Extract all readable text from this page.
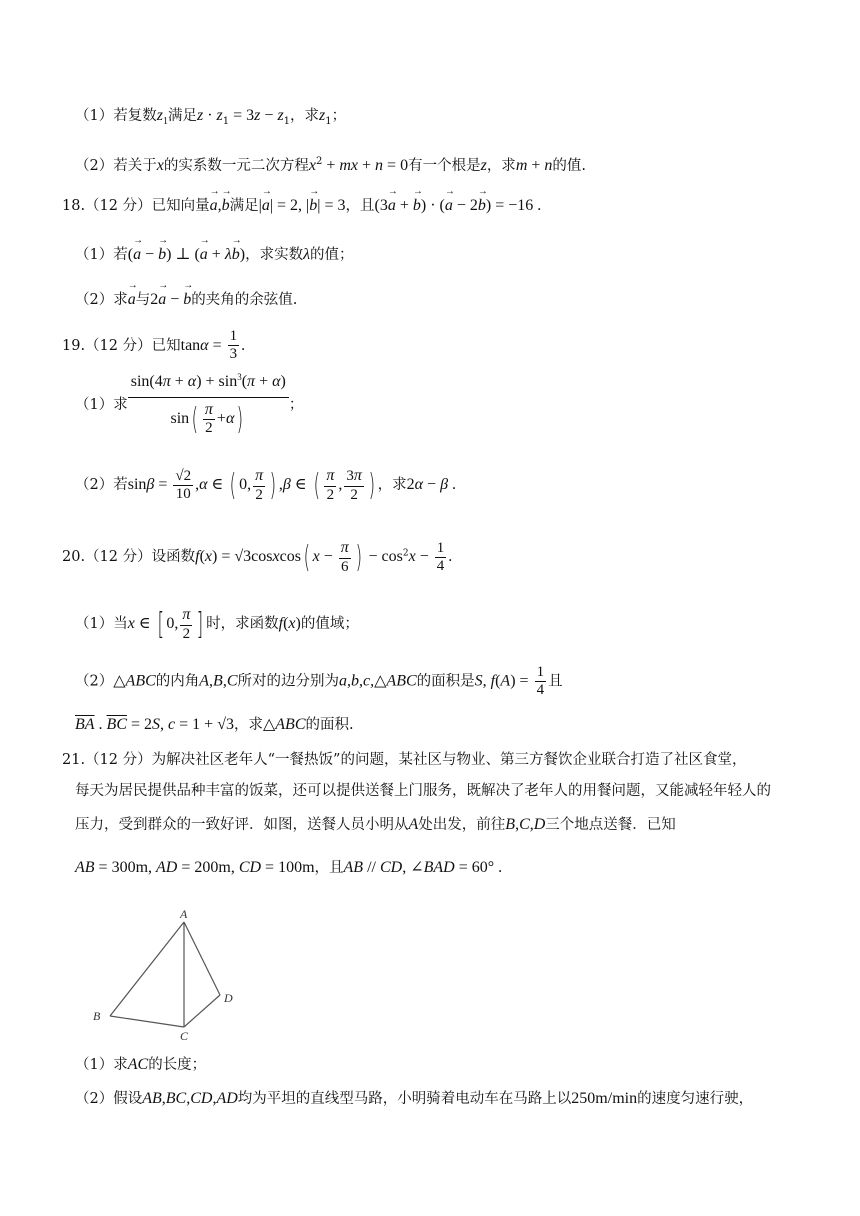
（1）若复数$z_1$满足$z \cdot z_1 = 3z - z_1$，求$z_1$；
（2）若关于x的实系数一元二次方程$x^2$ + mx + n = 0有一个根是z，求m + n的值.
18.（12 分）已知向量→ a,→ b满足|→ a| = 2, |→ b| = 3，且(3→ a + → b) · (→ a − 2→ b) = −16 .
（1）若(→ a − → b) ⊥ (→ a + λ→ b)，求实数λ的值；
（2）求→ a与2→ a − → b的夹角的余弦值.
19.（12 分）已知$\tan\alpha = \frac{1}{3}$ .
（1）求 $\frac{\sin(4\pi + \alpha) + \sin^3(\pi + \alpha)}{\sin( \frac{\pi}{2} +\alpha)}$ ；
（2）若$\sin\beta = \frac{√2}{10} ,\alpha$ ∈ ( 0, $\frac{\pi}{2}$ ) ,β ∈ ( $\frac{\pi}{2}$ , $\frac{3\pi}{2}$ ) ，求2α − β .
20.（12 分）设函数f(x) = √3cosxcos( $x - \frac{\pi}{6}$ ) − $\cos^2x - \frac{1}{4}$ .
（1）当x ∈ [ 0, $\frac{\pi}{2}$ ] 时，求函数f(x)的值域；
（2）△ABC的内角A,B,C所对的边分别为a,b,c,△ABC的面积是S, $f(A) = \frac{1}{4}$ 且
$\overline{BA}$ . $\overline{BC} = 2S$, c = 1 + √3，求△ABC的面积.
21.（12 分）为解决社区老年人“一餐热饭”的问题，某社区与物业、第三方餐饮企业联合打造了社区食堂，
每天为居民提供品种丰富的饭菜，还可以提供送餐上门服务，既解决了老年人的用餐问题，又能减轻年轻人的
压力，受到群众的一致好评．如图，送餐人员小明从A处出发，前往B,C,D三个地点送餐．已知
AB = 300m, AD = 200m, CD = 100m，且AB // CD, ∠BAD = 60° .
A
B
C
D
（1）求AC的长度；
（2）假设AB,BC,CD,AD均为平坦的直线型马路，小明骑着电动车在马路上以250m/min的速度匀速行驶，
